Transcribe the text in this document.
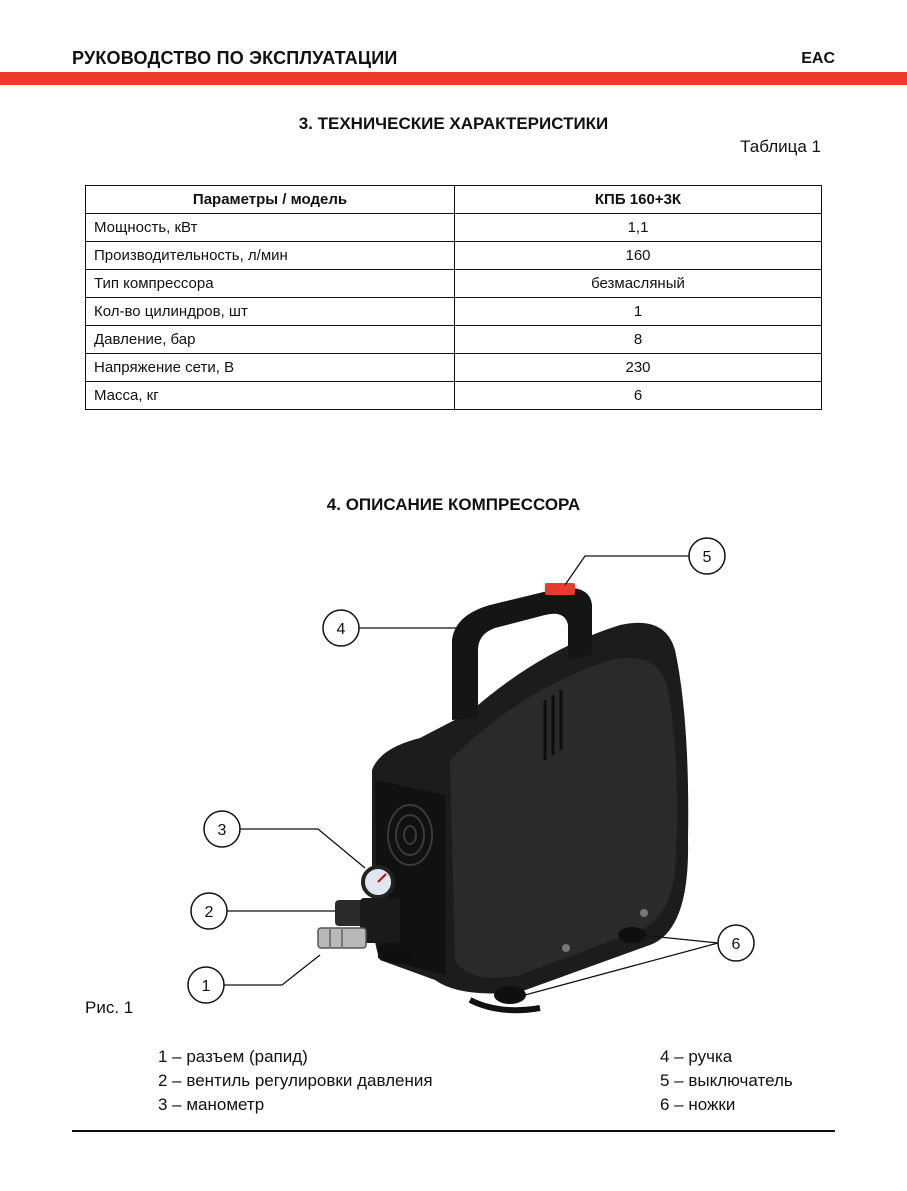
РУКОВОДСТВО ПО ЭКСПЛУАТАЦИИ	EAC
3. ТЕХНИЧЕСКИЕ ХАРАКТЕРИСТИКИ
Таблица 1
Параметры / модель	КПБ 160+3К
Мощность, кВт	1,1
Производительность, л/мин	160
Тип компрессора	безмасляный
Кол-во цилиндров, шт	1
Давление, бар	8
Напряжение сети, В	230
Масса, кг	6
4. ОПИСАНИЕ КОМПРЕССОРА
1
2
3
4
5
6
Рис. 1
1 – разъем (рапид)
2 – вентиль регулировки давления
3 – манометр
4 – ручка
5 – выключатель
6 – ножки
